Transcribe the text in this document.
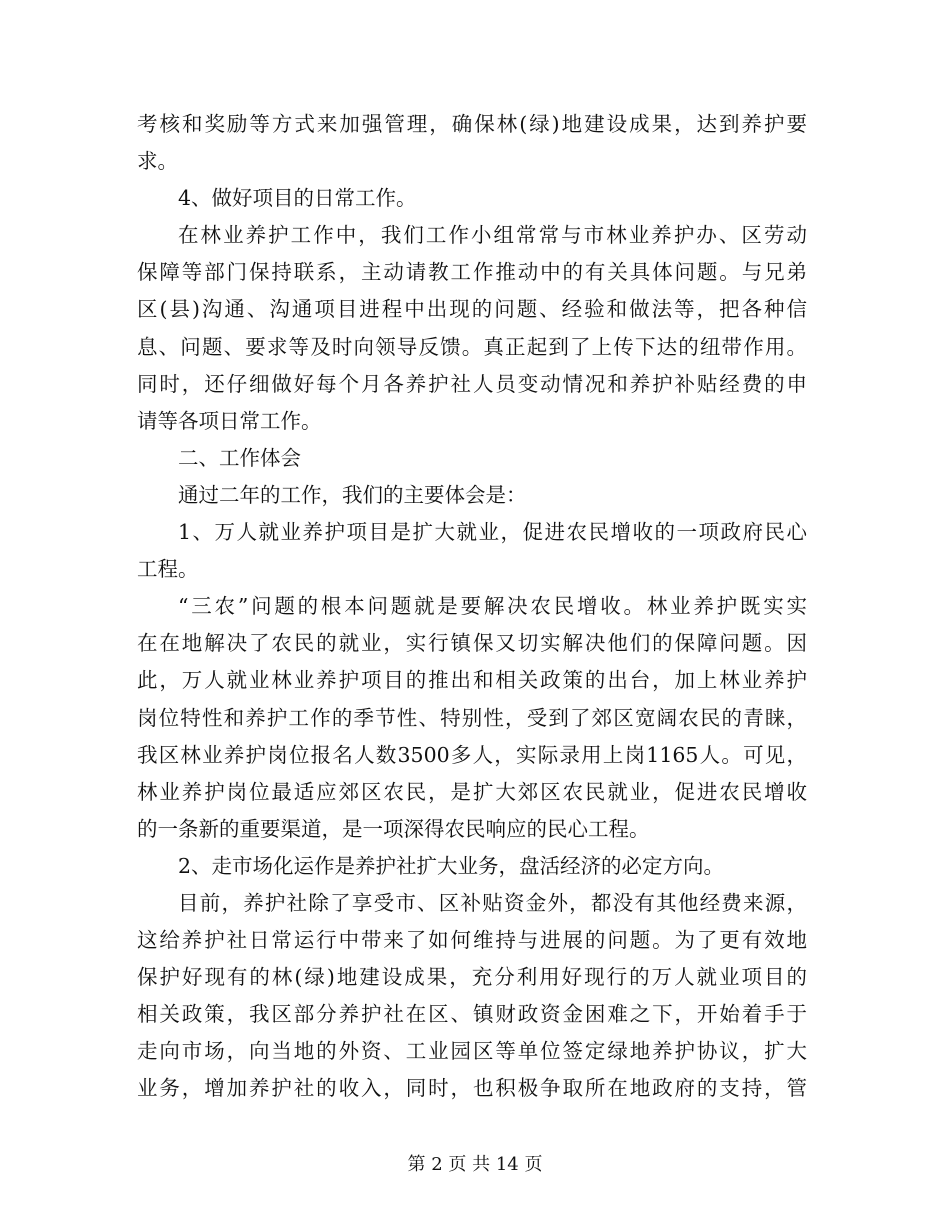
考核和奖励等方式来加强管理，确保林(绿)地建设成果，达到养护要

求。

4、做好项目的日常工作。

在林业养护工作中，我们工作小组常常与市林业养护办、区劳动

保障等部门保持联系，主动请教工作推动中的有关具体问题。与兄弟

区(县)沟通、沟通项目进程中出现的问题、经验和做法等，把各种信

息、问题、要求等及时向领导反馈。真正起到了上传下达的纽带作用。

同时，还仔细做好每个月各养护社人员变动情况和养护补贴经费的申

请等各项日常工作。

二、工作体会

通过二年的工作，我们的主要体会是：

1、万人就业养护项目是扩大就业，促进农民增收的一项政府民心

工程。

“三农”问题的根本问题就是要解决农民增收。林业养护既实实

在在地解决了农民的就业，实行镇保又切实解决他们的保障问题。因

此，万人就业林业养护项目的推出和相关政策的出台，加上林业养护

岗位特性和养护工作的季节性、特别性，受到了郊区宽阔农民的青睐，

我区林业养护岗位报名人数3500多人，实际录用上岗1165人。可见，

林业养护岗位最适应郊区农民，是扩大郊区农民就业，促进农民增收

的一条新的重要渠道，是一项深得农民响应的民心工程。

2、走市场化运作是养护社扩大业务，盘活经济的必定方向。

目前，养护社除了享受市、区补贴资金外，都没有其他经费来源，

这给养护社日常运行中带来了如何维持与进展的问题。为了更有效地

保护好现有的林(绿)地建设成果，充分利用好现行的万人就业项目的

相关政策，我区部分养护社在区、镇财政资金困难之下，开始着手于

走向市场，向当地的外资、工业园区等单位签定绿地养护协议，扩大

业务，增加养护社的收入，同时，也积极争取所在地政府的支持，管

第 2 页 共 14 页
